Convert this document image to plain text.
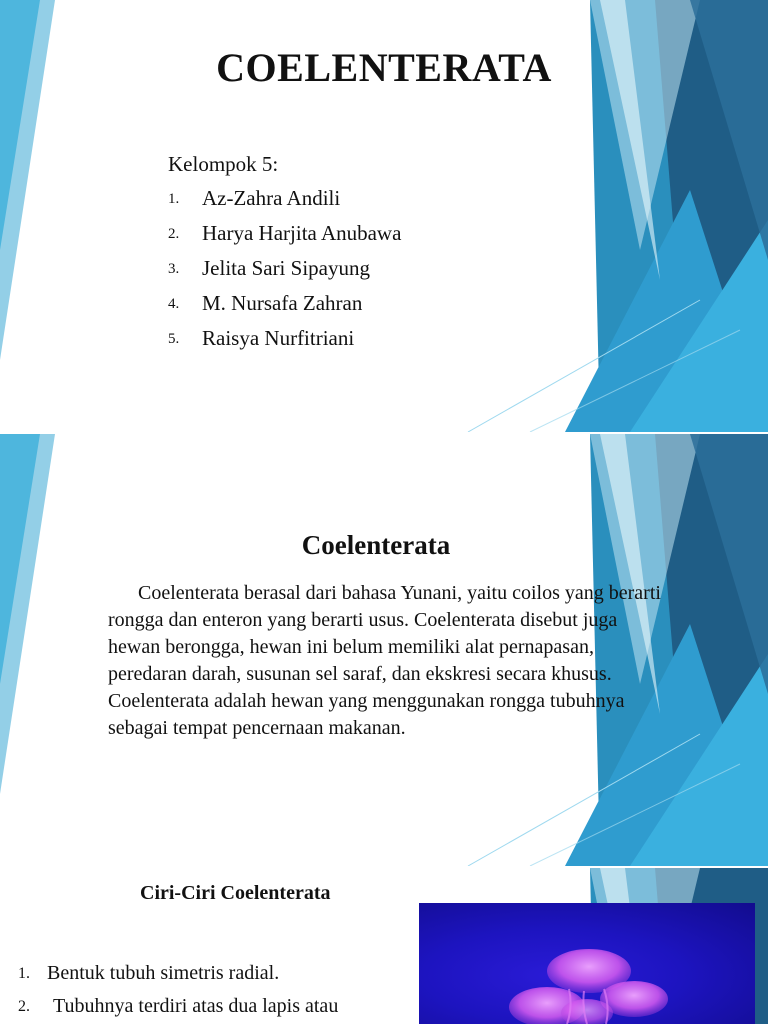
COELENTERATA
Kelompok 5:
1. Az-Zahra Andili
2. Harya Harjita Anubawa
3. Jelita Sari Sipayung
4. M. Nursafa Zahran
5. Raisya Nurfitriani
Coelenterata

Coelenterata berasal dari bahasa Yunani, yaitu coilos yang berarti rongga dan enteron yang berarti usus. Coelenterata disebut juga hewan berongga, hewan ini belum memiliki alat pernapasan, peredaran darah, susunan sel saraf, dan ekskresi secara khusus. Coelenterata adalah hewan yang menggunakan rongga tubuhnya sebagai tempat pencernaan makanan.

Ciri-Ciri Coelenterata
1. Bentuk tubuh simetris radial.
2. Tubuhnya terdiri atas dua lapis atau
